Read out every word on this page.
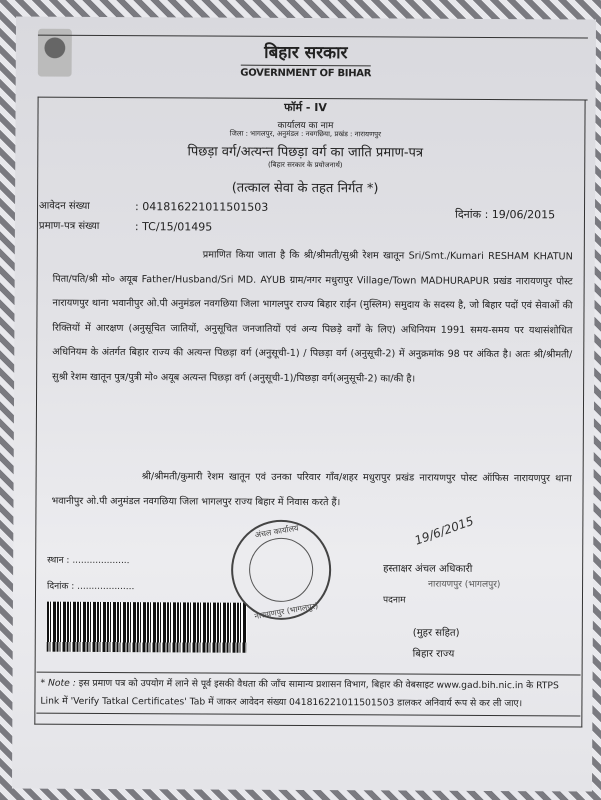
बिहार सरकार
GOVERNMENT OF BIHAR
फॉर्म - IV
कार्यालय का नाम
जिला : भागलपुर, अनुमंडल : नवगछिया, प्रखंड : नारायणपुर
पिछड़ा वर्ग/अत्यन्त पिछड़ा वर्ग का जाति प्रमाण-पत्र
(बिहार सरकार के प्रयोजनार्थ)
(तत्काल सेवा के तहत निर्गत *)
आवेदन संख्या	: 041816221011501503
प्रमाण-पत्र संख्या	: TC/15/01495
दिनांक : 19/06/2015
प्रमाणित किया जाता है कि श्री/श्रीमती/सुश्री रेशम खातून Sri/Smt./Kumari RESHAM KHATUN पिता/पति/श्री मो० अयूब Father/Husband/Sri MD. AYUB ग्राम/नगर मधुरापुर Village/Town MADHURAPUR प्रखंड नारायणपुर पोस्ट नारायणपुर थाना भवानीपुर ओ.पी अनुमंडल नवगछिया जिला भागलपुर राज्य बिहार राईन (मुस्लिम) समुदाय के सदस्य है, जो बिहार पदों एवं सेवाओं की रिक्तियों में आरक्षण (अनुसूचित जातियों, अनुसूचित जनजातियों एवं अन्य पिछड़े वर्गों के लिए) अधिनियम 1991 समय-समय पर यथासंशोधित अधिनियम के अंतर्गत बिहार राज्य की अत्यन्त पिछड़ा वर्ग (अनुसूची-1) / पिछड़ा वर्ग (अनुसूची-2) में अनुक्रमांक 98 पर अंकित है। अतः श्री/श्रीमती/सुश्री रेशम खातून पुत्र/पुत्री मो० अयूब अत्यन्त पिछड़ा वर्ग (अनुसूची-1)/पिछड़ा वर्ग(अनुसूची-2) का/की है।
श्री/श्रीमती/कुमारी रेशम खातून एवं उनका परिवार गाँव/शहर मधुरापुर प्रखंड नारायणपुर पोस्ट ऑफिस नारायणपुर थाना भवानीपुर ओ.पी अनुमंडल नवगछिया जिला भागलपुर राज्य बिहार में निवास करते हैं।
स्थान : ....................
दिनांक : ....................
अंचल कार्यालय
नारायणपुर (भागलपुर)
19/6/2015
हस्ताक्षर अंचल अधिकारी
नारायणपुर (भागलपुर)
पदनाम
(मुहर सहित)
बिहार राज्य
* Note : इस प्रमाण पत्र को उपयोग में लाने से पूर्व इसकी वैधता की जाँच सामान्य प्रशासन विभाग, बिहार की वेबसाइट www.gad.bih.nic.in के RTPS Link में 'Verify Tatkal Certificates' Tab में जाकर आवेदन संख्या 041816221011501503 डालकर अनिवार्य रूप से कर ली जाए।
